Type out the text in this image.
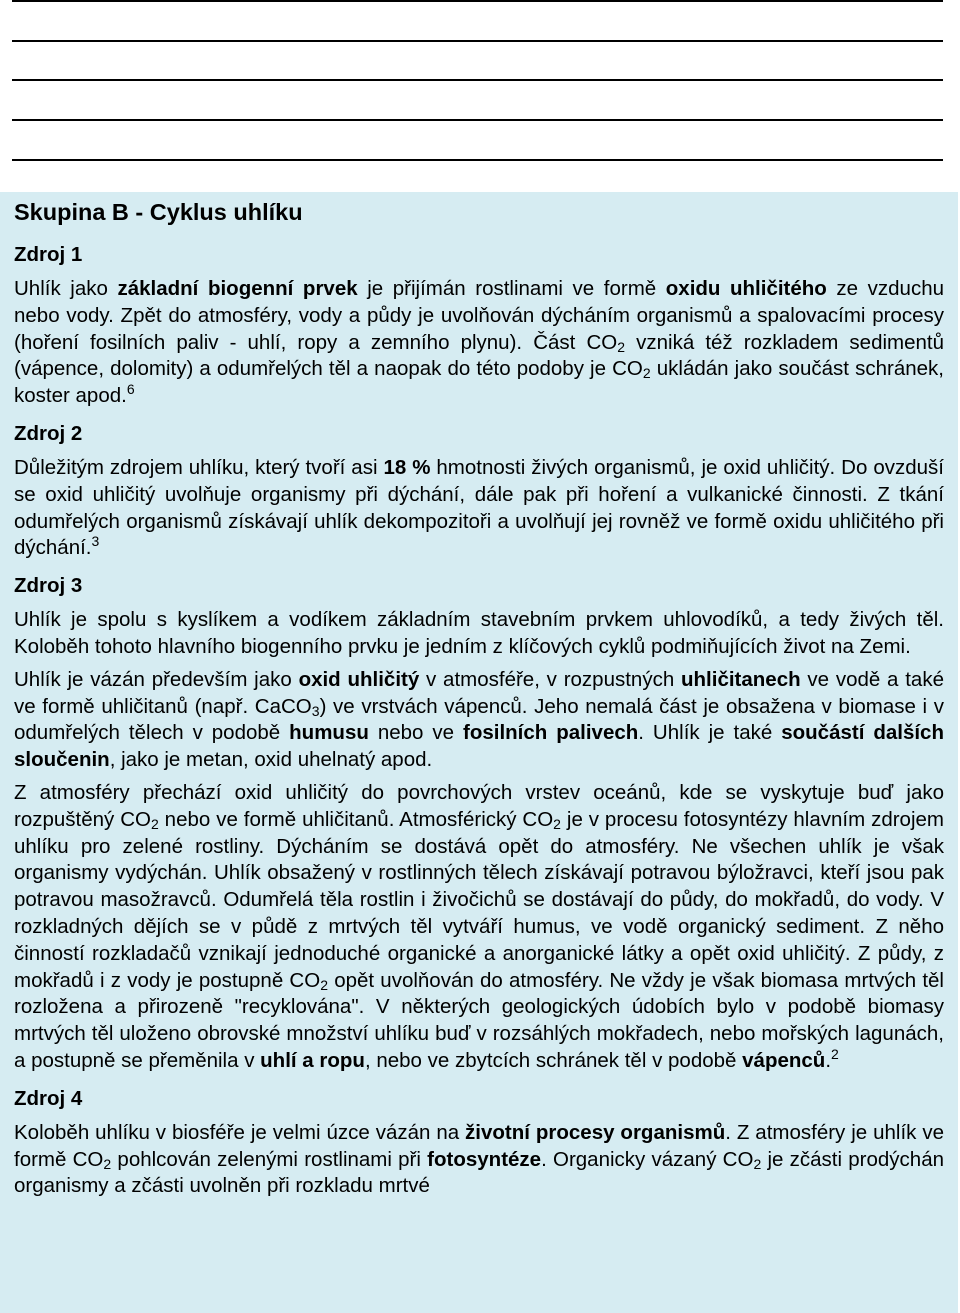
Skupina B - Cyklus uhlíku
Zdroj 1

Uhlík jako základní biogenní prvek je přijímán rostlinami ve formě oxidu uhličitého ze vzduchu nebo vody. Zpět do atmosféry, vody a půdy je uvolňován dýcháním organismů a spalovacími procesy (hoření fosilních paliv - uhlí, ropy a zemního plynu). Část $CO_2$ vzniká též rozkladem sedimentů (vápence, dolomity) a odumřelých těl a naopak do této podoby je $CO_2$ ukládán jako součást schránek, koster apod.$^6$

Zdroj 2

Důležitým zdrojem uhlíku, který tvoří asi 18 % hmotnosti živých organismů, je oxid uhličitý. Do ovzduší se oxid uhličitý uvolňuje organismy při dýchání, dále pak při hoření a vulkanické činnosti. Z tkání odumřelých organismů získávají uhlík dekompozitoři a uvolňují jej rovněž ve formě oxidu uhličitého při dýchání.$^3$

Zdroj 3

Uhlík je spolu s kyslíkem a vodíkem základním stavebním prvkem uhlovodíků, a tedy živých těl. Koloběh tohoto hlavního biogenního prvku je jedním z klíčových cyklů podmiňujících život na Zemi.

Uhlík je vázán především jako oxid uhličitý v atmosféře, v rozpustných uhličitanech ve vodě a také ve formě uhličitanů (např. CaCO$_3$) ve vrstvách vápenců. Jeho nemalá část je obsažena v biomase i v odumřelých tělech v podobě humusu nebo ve fosilních palivech. Uhlík je také součástí dalších sloučenin, jako je metan, oxid uhelnatý apod.

Z atmosféry přechází oxid uhličitý do povrchových vrstev oceánů, kde se vyskytuje buď jako rozpuštěný $CO_2$ nebo ve formě uhličitanů. Atmosférický $CO_2$ je v procesu fotosyntézy hlavním zdrojem uhlíku pro zelené rostliny. Dýcháním se dostává opět do atmosféry. Ne všechen uhlík je však organismy vydýchán. Uhlík obsažený v rostlinných tělech získávají potravou býložravci, kteří jsou pak potravou masožravců. Odumřelá těla rostlin i živočichů se dostávají do půdy, do mokřadů, do vody. V rozkladných dějích se v půdě z mrtvých těl vytváří humus, ve vodě organický sediment. Z něho činností rozkladačů vznikají jednoduché organické a anorganické látky a opět oxid uhličitý. Z půdy, z mokřadů i z vody je postupně $CO_2$ opět uvolňován do atmosféry. Ne vždy je však biomasa mrtvých těl rozložena a přirozeně "recyklována". V některých geologických údobích bylo v podobě biomasy mrtvých těl uloženo obrovské množství uhlíku buď v rozsáhlých mokřadech, nebo mořských lagunách, a postupně se přeměnila v uhlí a ropu, nebo ve zbytcích schránek těl v podobě vápenců.$^2$

Zdroj 4

Koloběh uhlíku v biosféře je velmi úzce vázán na životní procesy organismů. Z atmosféry je uhlík ve formě $CO_2$ pohlcován zelenými rostlinami při fotosyntéze. Organicky vázaný $CO_2$ je zčásti prodýchán organismy a zčásti uvolněn při rozkladu mrtvé
